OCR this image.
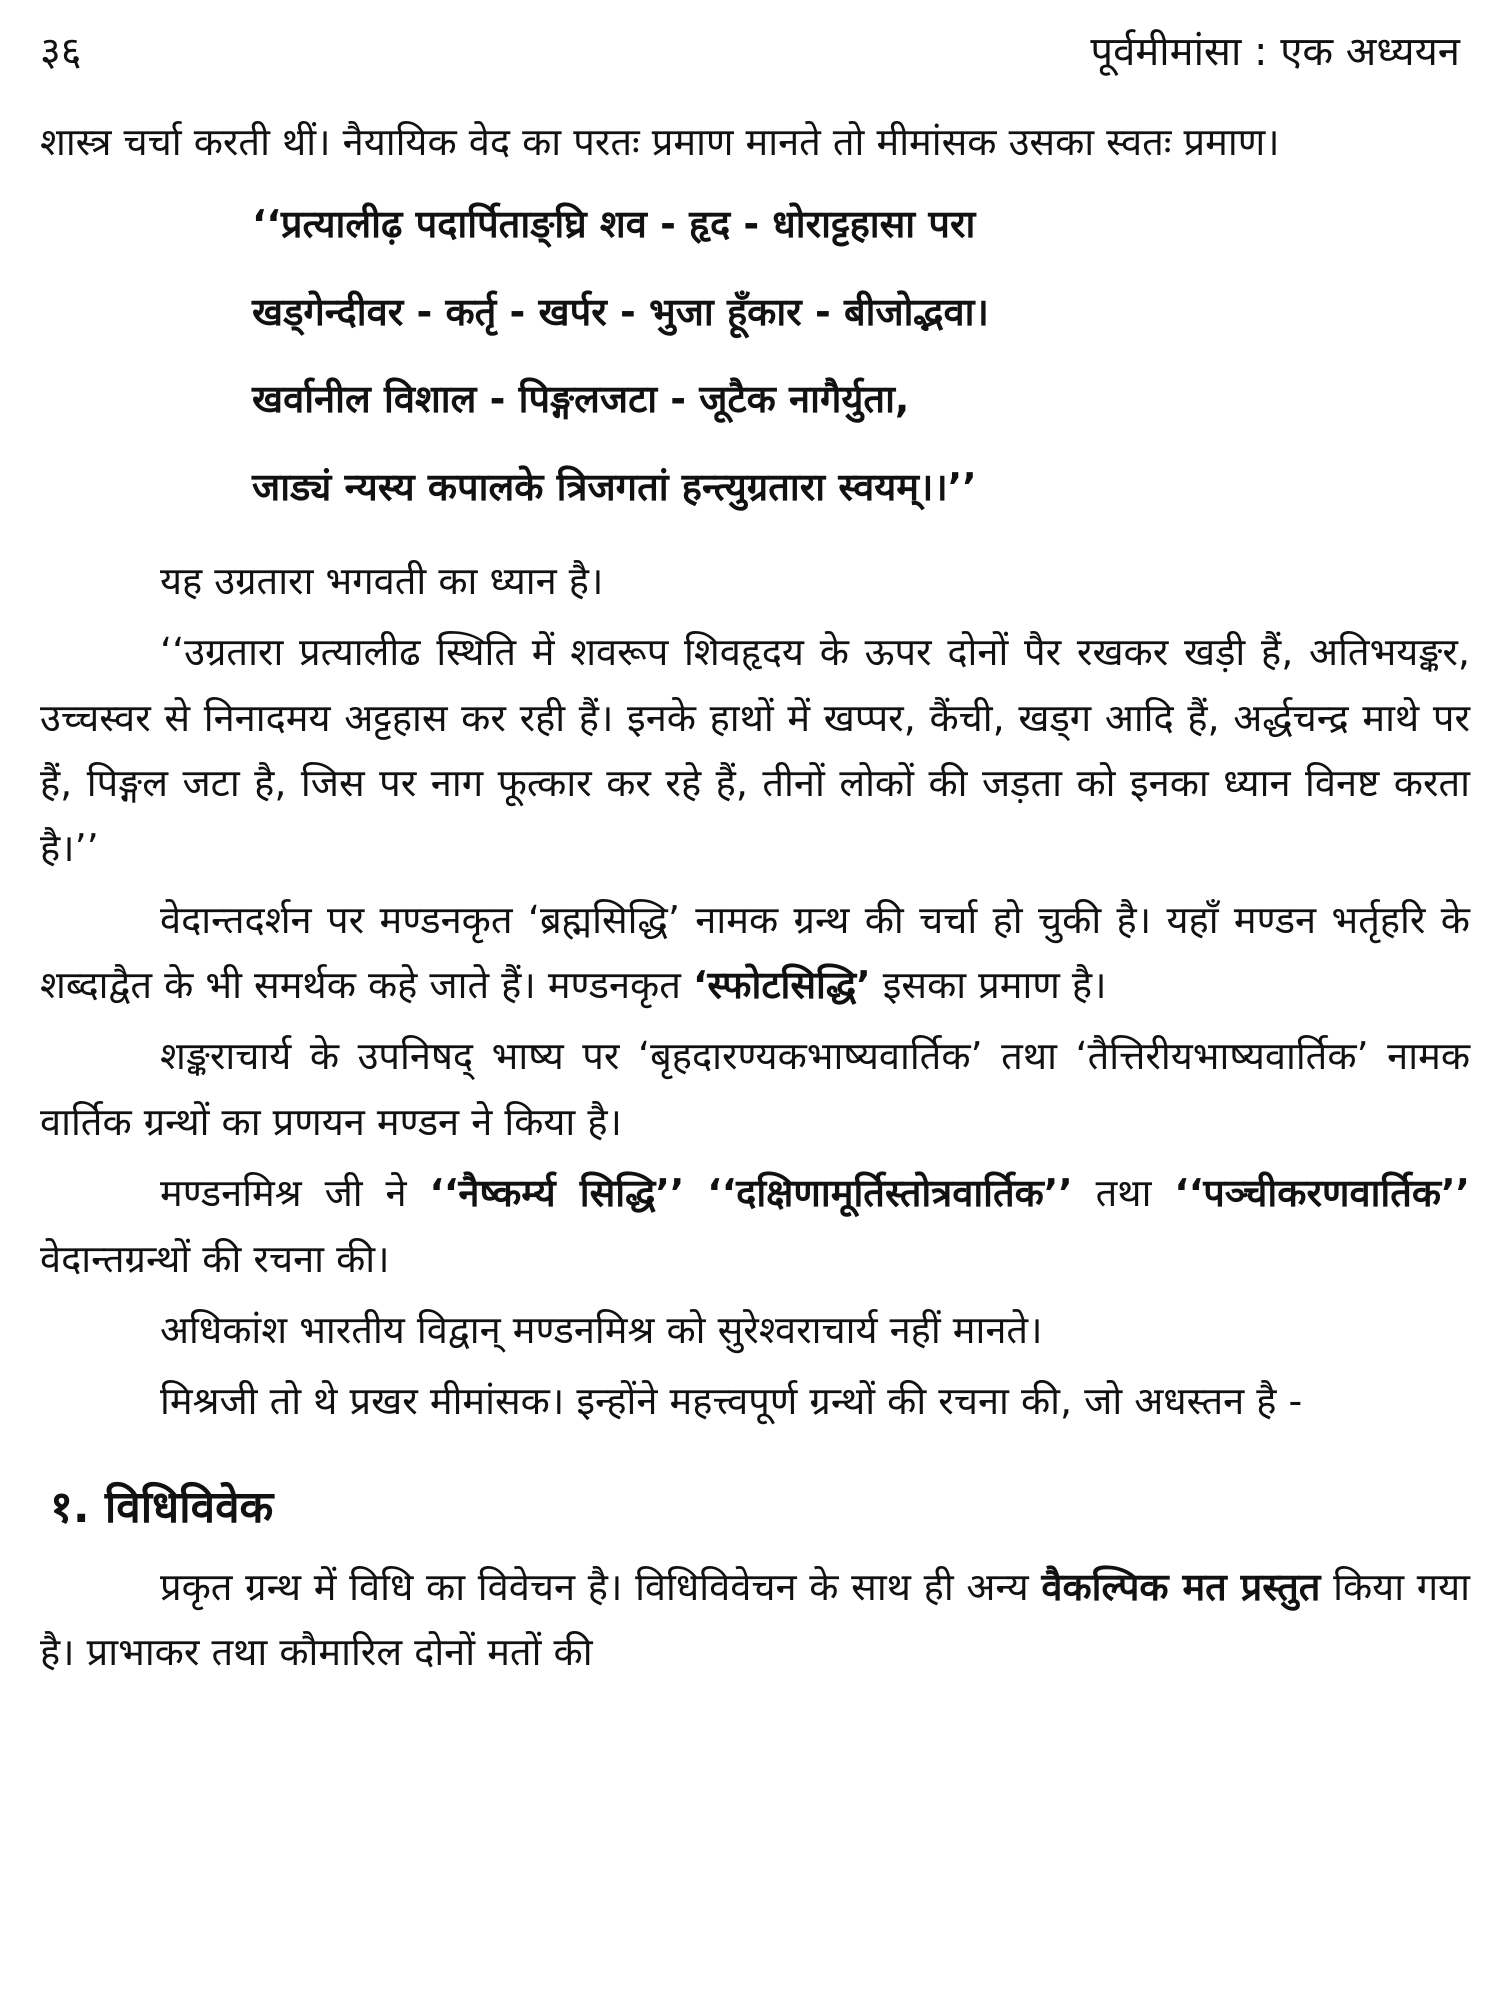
३६	पूर्वमीमांसा : एक अध्ययन

शास्त्र चर्चा करती थीं। नैयायिक वेद का परतः प्रमाण मानते तो मीमांसक उसका स्वतः प्रमाण।

‘‘प्रत्यालीढ़ पदार्पिताङ्घ्रि शव - हृद - धोराट्टहासा परा
खड्गेन्दीवर - कर्तृ - खर्पर - भुजा हूँकार - बीजोद्भवा।
खर्वानील विशाल - पिङ्गलजटा - जूटैक नागैर्युता,
जाड्यं न्यस्य कपालके त्रिजगतां हन्त्युग्रतारा स्वयम्।।’’

यह उग्रतारा भगवती का ध्यान है।

‘‘उग्रतारा प्रत्यालीढ स्थिति में शवरूप शिवहृदय के ऊपर दोनों पैर रखकर खड़ी हैं, अतिभयङ्कर, उच्चस्वर से निनादमय अट्टहास कर रही हैं। इनके हाथों में खप्पर, कैंची, खड्ग आदि हैं, अर्द्धचन्द्र माथे पर हैं, पिङ्गल जटा है, जिस पर नाग फूत्कार कर रहे हैं, तीनों लोकों की जड़ता को इनका ध्यान विनष्ट करता है।’’

वेदान्तदर्शन पर मण्डनकृत ‘ब्रह्मसिद्धि’ नामक ग्रन्थ की चर्चा हो चुकी है। यहाँ मण्डन भर्तृहरि के शब्दाद्वैत के भी समर्थक कहे जाते हैं। मण्डनकृत ‘स्फोटसिद्धि’ इसका प्रमाण है।

शङ्कराचार्य के उपनिषद् भाष्य पर ‘बृहदारण्यकभाष्यवार्तिक’ तथा ‘तैत्तिरीयभाष्यवार्तिक’ नामक वार्तिक ग्रन्थों का प्रणयन मण्डन ने किया है।

मण्डनमिश्र जी ने ‘‘नैष्कर्म्य सिद्धि’’ ‘‘दक्षिणामूर्तिस्तोत्रवार्तिक’’ तथा ‘‘पञ्चीकरणवार्तिक’’ वेदान्तग्रन्थों की रचना की।

अधिकांश भारतीय विद्वान् मण्डनमिश्र को सुरेश्वराचार्य नहीं मानते।

मिश्रजी तो थे प्रखर मीमांसक। इन्होंने महत्त्वपूर्ण ग्रन्थों की रचना की, जो अधस्तन है -

१. विधिविवेक

प्रकृत ग्रन्थ में विधि का विवेचन है। विधिविवेचन के साथ ही अन्य वैकल्पिक मत प्रस्तुत किया गया है। प्राभाकर तथा कौमारिल दोनों मतों की
